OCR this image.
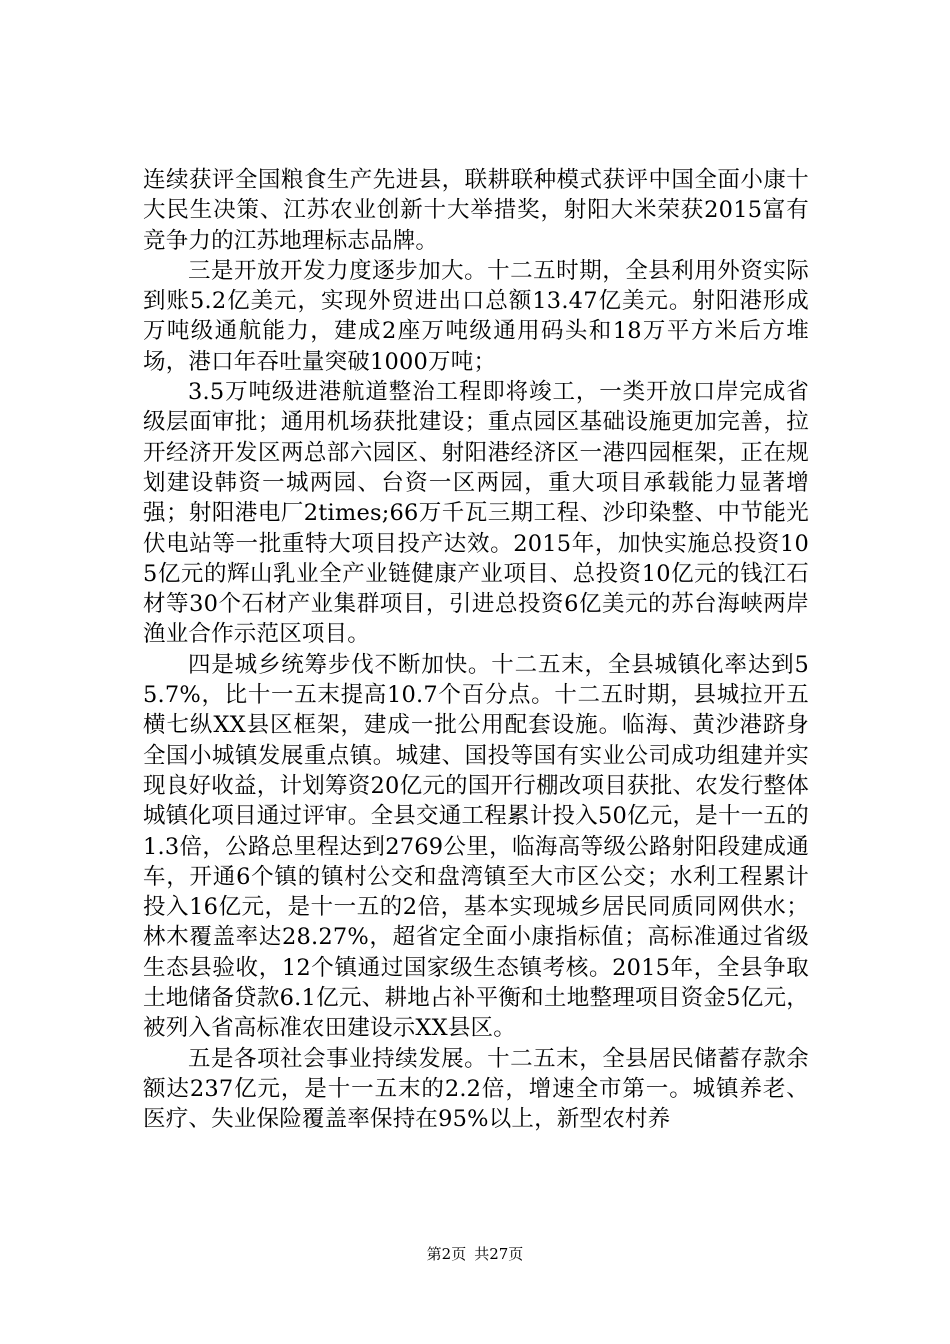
连续获评全国粮食生产先进县，联耕联种模式获评中国全面小康十大民生决策、江苏农业创新十大举措奖，射阳大米荣获2015富有竞争力的江苏地理标志品牌。

三是开放开发力度逐步加大。十二五时期，全县利用外资实际到账5.2亿美元，实现外贸进出口总额13.47亿美元。射阳港形成万吨级通航能力，建成2座万吨级通用码头和18万平方米后方堆场，港口年吞吐量突破1000万吨；

3.5万吨级进港航道整治工程即将竣工，一类开放口岸完成省级层面审批；通用机场获批建设；重点园区基础设施更加完善，拉开经济开发区两总部六园区、射阳港经济区一港四园框架，正在规划建设韩资一城两园、台资一区两园，重大项目承载能力显著增强；射阳港电厂2times;66万千瓦三期工程、沙印染整、中节能光伏电站等一批重特大项目投产达效。2015年，加快实施总投资105亿元的辉山乳业全产业链健康产业项目、总投资10亿元的钱江石材等30个石材产业集群项目，引进总投资6亿美元的苏台海峡两岸渔业合作示范区项目。

四是城乡统筹步伐不断加快。十二五末，全县城镇化率达到55.7%，比十一五末提高10.7个百分点。十二五时期，县城拉开五横七纵XX县区框架，建成一批公用配套设施。临海、黄沙港跻身全国小城镇发展重点镇。城建、国投等国有实业公司成功组建并实现良好收益，计划筹资20亿元的国开行棚改项目获批、农发行整体城镇化项目通过评审。全县交通工程累计投入50亿元，是十一五的1.3倍，公路总里程达到2769公里，临海高等级公路射阳段建成通车，开通6个镇的镇村公交和盘湾镇至大市区公交；水利工程累计投入16亿元，是十一五的2倍，基本实现城乡居民同质同网供水；林木覆盖率达28.27%，超省定全面小康指标值；高标准通过省级生态县验收，12个镇通过国家级生态镇考核。2015年，全县争取土地储备贷款6.1亿元、耕地占补平衡和土地整理项目资金5亿元，被列入省高标准农田建设示XX县区。

五是各项社会事业持续发展。十二五末，全县居民储蓄存款余额达237亿元，是十一五末的2.2倍，增速全市第一。城镇养老、医疗、失业保险覆盖率保持在95%以上，新型农村养

第2页 共27页
